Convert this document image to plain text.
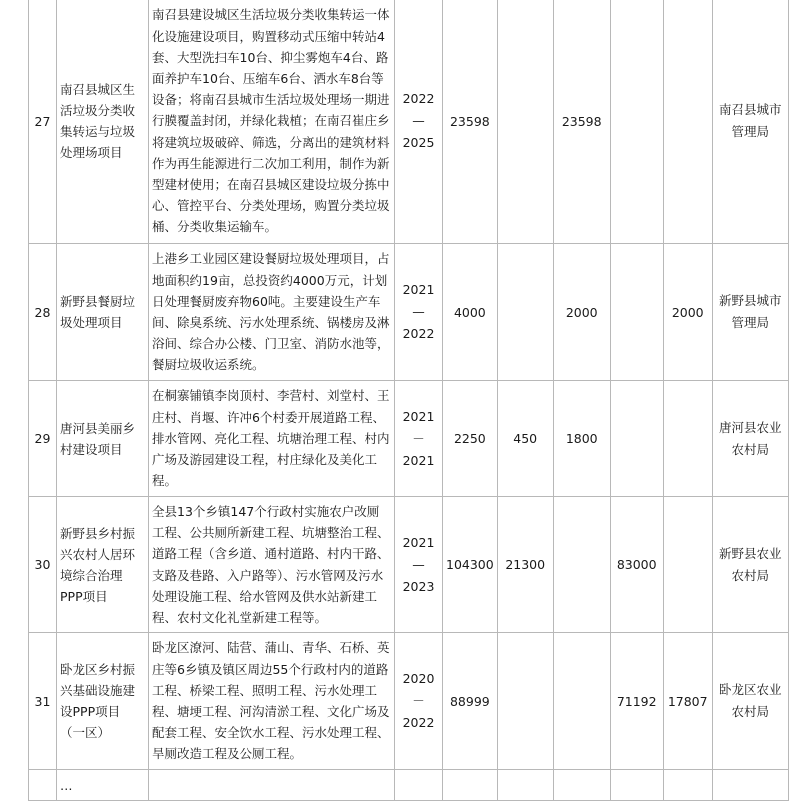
27	南召县城区生活垃圾分类收集转运与垃圾处理场项目	南召县建设城区生活垃圾分类收集转运一体化设施建设项目，购置移动式压缩中转站4套、大型洗扫车10台、抑尘雾炮车4台、路面养护车10台、压缩车6台、洒水车8台等设备；将南召县城市生活垃圾处理场一期进行膜覆盖封闭，并绿化栽植；在南召崔庄乡将建筑垃圾破碎、筛选，分离出的建筑材料作为再生能源进行二次加工利用，制作为新型建材使用；在南召县城区建设垃圾分拣中心、管控平台、分类处理场，购置分类垃圾桶、分类收集运输车。	2022—2025	23598		23598			南召县城市管理局
28	新野县餐厨垃圾处理项目	上港乡工业园区建设餐厨垃圾处理项目，占地面积约19亩，总投资约4000万元，计划日处理餐厨废弃物60吨。主要建设生产车间、除臭系统、污水处理系统、锅楼房及淋浴间、综合办公楼、门卫室、消防水池等，餐厨垃圾收运系统。	2021—2022	4000		2000		2000	新野县城市管理局
29	唐河县美丽乡村建设项目	在桐寨铺镇李岗顶村、李营村、刘堂村、王庄村、肖堰、许冲6个村委开展道路工程、排水管网、亮化工程、坑塘治理工程、村内广场及游园建设工程，村庄绿化及美化工程。	2021－2021	2250	450	1800			唐河县农业农村局
30	新野县乡村振兴农村人居环境综合治理PPP项目	全县13个乡镇147个行政村实施农户改厕工程、公共厕所新建工程、坑塘整治工程、道路工程（含乡道、通村道路、村内干路、支路及巷路、入户路等）、污水管网及污水处理设施工程、给水管网及供水站新建工程、农村文化礼堂新建工程等。	2021—2023	104300	21300		83000		新野县农业农村局
31	卧龙区乡村振兴基础设施建设PPP项目（一区）	卧龙区潦河、陆营、蒲山、青华、石桥、英庄等6乡镇及镇区周边55个行政村内的道路工程、桥梁工程、照明工程、污水处理工程、塘埂工程、河沟清淤工程、文化广场及配套工程、安全饮水工程、污水处理工程、旱厕改造工程及公厕工程。	2020－2022	88999			71192	17807	卧龙区农业农村局
	…								
